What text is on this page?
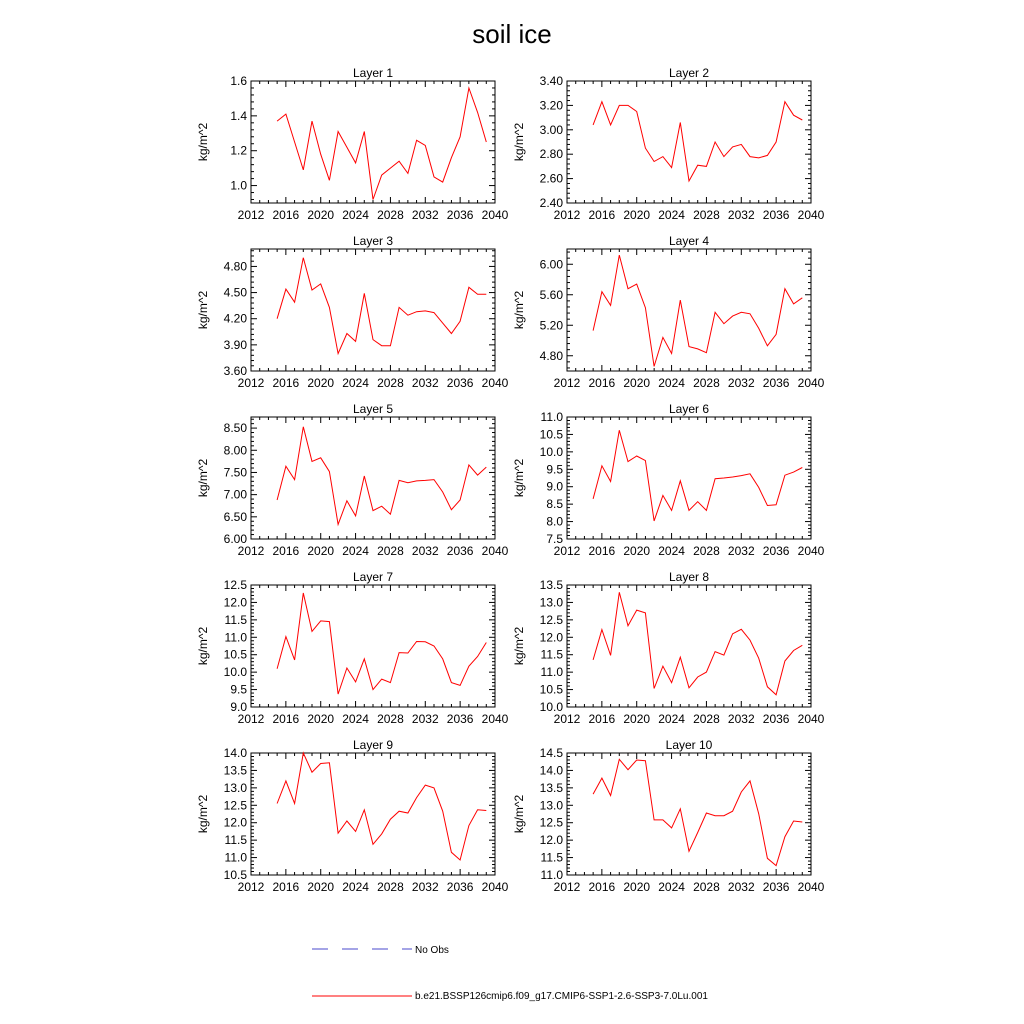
soil ice
Layer 1
2012 2016 2020 2024 2028 2032 2036 2040
1.0
1.2
1.4
1.6
kg/m^2
Layer 2
2012 2016 2020 2024 2028 2032 2036 2040
2.40
2.60
2.80
3.00
3.20
3.40
kg/m^2
Layer 3
2012 2016 2020 2024 2028 2032 2036 2040
3.60
3.90
4.20
4.50
4.80
kg/m^2
Layer 4
2012 2016 2020 2024 2028 2032 2036 2040
4.80
5.20
5.60
6.00
kg/m^2
Layer 5
2012 2016 2020 2024 2028 2032 2036 2040
6.00
6.50
7.00
7.50
8.00
8.50
kg/m^2
Layer 6
2012 2016 2020 2024 2028 2032 2036 2040
7.5
8.0
8.5
9.0
9.5
10.0
10.5
11.0
kg/m^2
Layer 7
2012 2016 2020 2024 2028 2032 2036 2040
9.0
9.5
10.0
10.5
11.0
11.5
12.0
12.5
kg/m^2
Layer 8
2012 2016 2020 2024 2028 2032 2036 2040
10.0
10.5
11.0
11.5
12.0
12.5
13.0
13.5
kg/m^2
Layer 9
2012 2016 2020 2024 2028 2032 2036 2040
10.5
11.0
11.5
12.0
12.5
13.0
13.5
14.0
kg/m^2
Layer 10
2012 2016 2020 2024 2028 2032 2036 2040
11.0
11.5
12.0
12.5
13.0
13.5
14.0
14.5
kg/m^2
No Obs
b.e21.BSSP126cmip6.f09_g17.CMIP6-SSP1-2.6-SSP3-7.0Lu.001
